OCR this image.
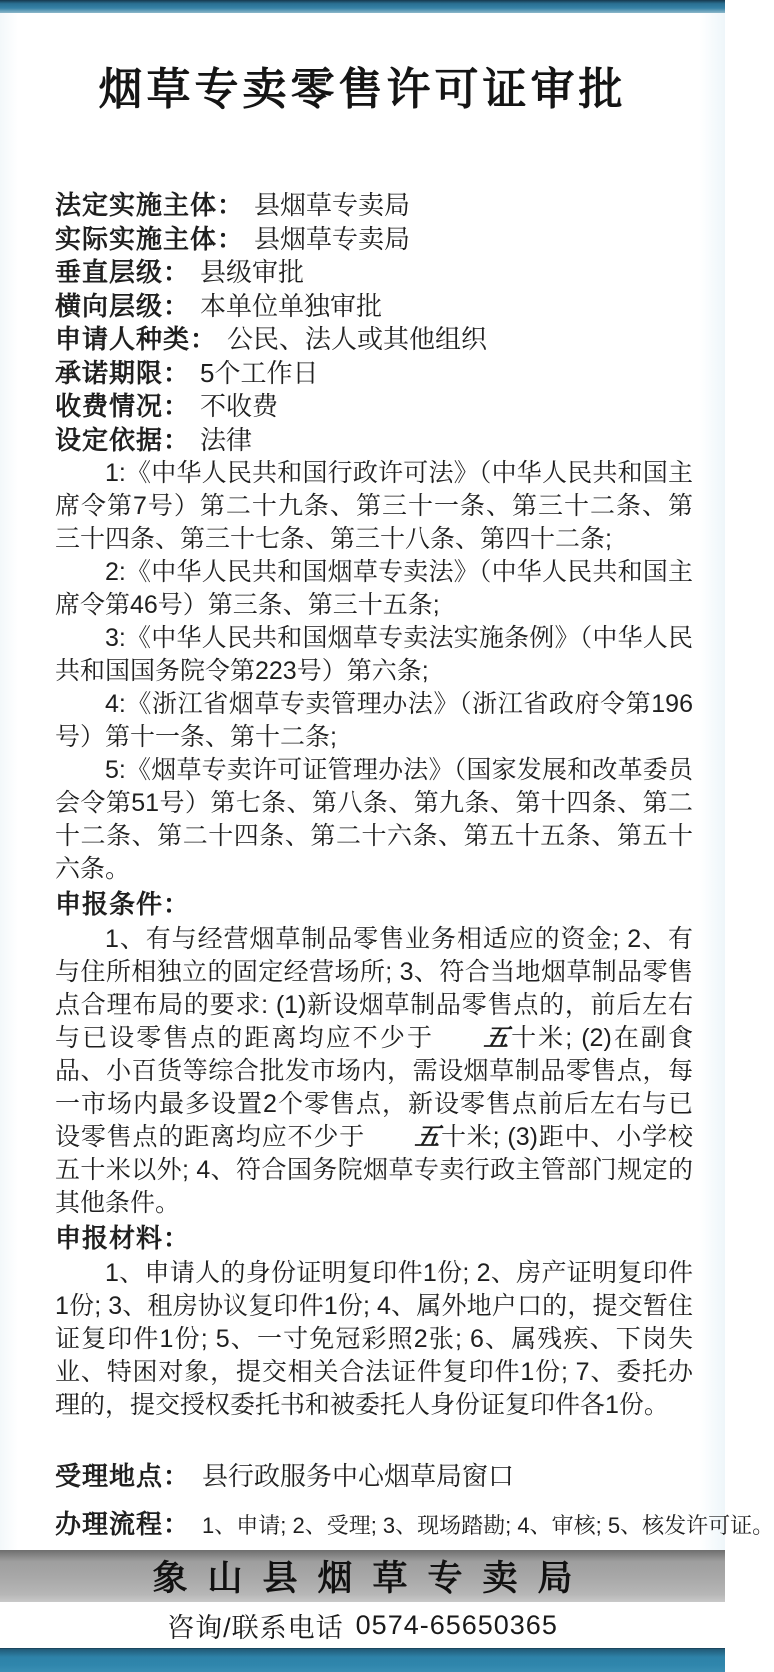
烟草专卖零售许可证审批
法定实施主体： 县烟草专卖局
实际实施主体： 县烟草专卖局
垂直层级： 县级审批
横向层级： 本单位单独审批
申请人种类： 公民、法人或其他组织
承诺期限： 5个工作日
收费情况： 不收费
设定依据： 法律

1:《中华人民共和国行政许可法》（中华人民共和国主席令第7号）第二十九条、第三十一条、第三十二条、第三十四条、第三十七条、第三十八条、第四十二条;

2:《中华人民共和国烟草专卖法》（中华人民共和国主席令第46号）第三条、第三十五条;

3:《中华人民共和国烟草专卖法实施条例》（中华人民共和国国务院令第223号）第六条;

4:《浙江省烟草专卖管理办法》（浙江省政府令第196号）第十一条、第十二条;

5:《烟草专卖许可证管理办法》（国家发展和改革委员会令第51号）第七条、第八条、第九条、第十四条、第二十二条、第二十四条、第二十六条、第五十五条、第五十六条。

申报条件：

1、有与经营烟草制品零售业务相适应的资金; 2、有与住所相独立的固定经营场所; 3、符合当地烟草制品零售点合理布局的要求: (1)新设烟草制品零售点的，前后左右与已设零售点的距离均应不少于 五十米; (2)在副食品、小百货等综合批发市场内，需设烟草制品零售点，每一市场内最多设置2个零售点，新设零售点前后左右与已设零售点的距离均应不少于 五十米; (3)距中、小学校五十米以外; 4、符合国务院烟草专卖行政主管部门规定的其他条件。

申报材料：

1、申请人的身份证明复印件1份; 2、房产证明复印件1份; 3、租房协议复印件1份; 4、属外地户口的，提交暂住证复印件1份; 5、一寸免冠彩照2张; 6、属残疾、下岗失业、特困对象，提交相关合法证件复印件1份; 7、委托办理的，提交授权委托书和被委托人身份证复印件各1份。

受理地点： 县行政服务中心烟草局窗口
办理流程： 1、申请; 2、受理; 3、现场踏勘; 4、审核; 5、核发许可证。
象山县烟草专卖局
咨询/联系电话 0574-65650365
